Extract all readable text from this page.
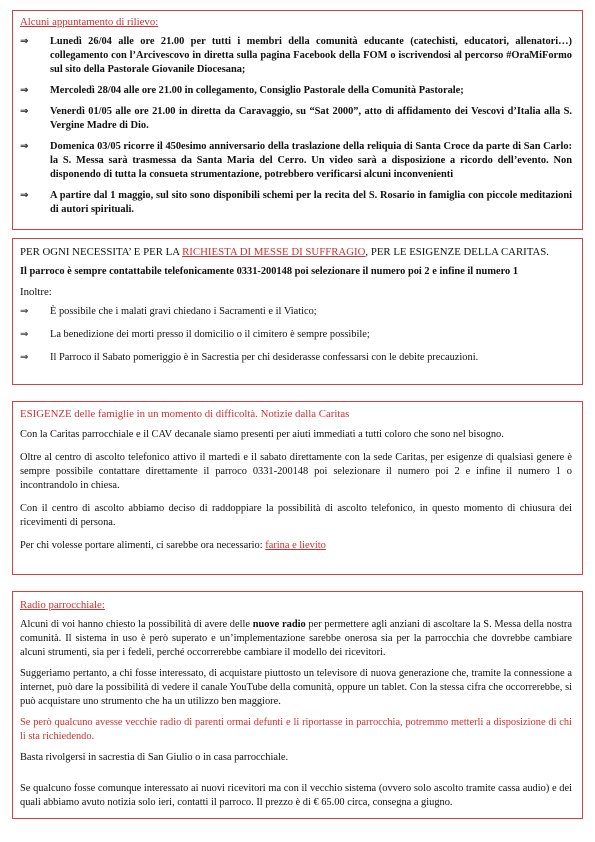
Alcuni appuntamento di rilievo:

⇒	Lunedì 26/04 alle ore 21.00 per tutti i membri della comunità educante (catechisti, educatori, allenatori…) collegamento con l’Arcivescovo in diretta sulla pagina Facebook della FOM o iscrivendosi al percorso #OraMiFormo sul sito della Pastorale Giovanile Diocesana;
⇒	Mercoledì 28/04 alle ore 21.00 in collegamento, Consiglio Pastorale della Comunità Pastorale;
⇒	Venerdì 01/05 alle ore 21.00 in diretta da Caravaggio, su “Sat 2000”, atto di affidamento dei Vescovi d’Italia alla S. Vergine Madre di Dio.
⇒	Domenica 03/05 ricorre il 450esimo anniversario della traslazione della reliquia di Santa Croce da parte di San Carlo: la S. Messa sarà trasmessa da Santa Maria del Cerro. Un video sarà a disposizione a ricordo dell’evento. Non disponendo di tutta la consueta strumentazione, potrebbero verificarsi alcuni inconvenienti
⇒	A partire dal 1 maggio, sul sito sono disponibili schemi per la recita del S. Rosario in famiglia con piccole meditazioni di autori spirituali.

PER OGNI NECESSITA’ E PER LA RICHIESTA DI MESSE DI SUFFRAGIO, PER LE ESIGENZE DELLA CARITAS.

Il parroco è sempre contattabile telefonicamente 0331-200148 poi selezionare il numero poi 2 e infine il numero 1

Inoltre:

⇒	È possibile che i malati gravi chiedano i Sacramenti e il Viatico;
⇒	La benedizione dei morti presso il domicilio o il cimitero è sempre possibile;
⇒	Il Parroco il Sabato pomeriggio è in Sacrestia per chi desiderasse confessarsi con le debite precauzioni.

ESIGENZE delle famiglie in un momento di difficoltà. Notizie dalla Caritas

Con la Caritas parrocchiale e il CAV decanale siamo presenti per aiuti immediati a tutti coloro che sono nel bisogno.

Oltre al centro di ascolto telefonico attivo il martedì e il sabato direttamente con la sede Caritas, per esigenze di qualsiasi genere è sempre possibile contattare direttamente il parroco 0331-200148 poi selezionare il numero poi 2 e infine il numero 1 o incontrandolo in chiesa.

Con il centro di ascolto abbiamo deciso di raddoppiare la possibilità di ascolto telefonico, in questo momento di chiusura dei ricevimenti di persona.

Per chi volesse portare alimenti, ci sarebbe ora necessario: farina e lievito

Radio parrocchiale:

Alcuni di voi hanno chiesto la possibilità di avere delle nuove radio per permettere agli anziani di ascoltare la S. Messa della nostra comunità. Il sistema in uso è però superato e un’implementazione sarebbe onerosa sia per la parrocchia che dovrebbe cambiare alcuni strumenti, sia per i fedeli, perché occorrerebbe cambiare il modello dei ricevitori.

Suggeriamo pertanto, a chi fosse interessato, di acquistare piuttosto un televisore di nuova generazione che, tramite la connessione a internet, può dare la possibilità di vedere il canale YouTube della comunità, oppure un tablet. Con la stessa cifra che occorrerebbe, si può acquistare uno strumento che ha un utilizzo ben maggiore.

Se però qualcuno avesse vecchie radio di parenti ormai defunti e li riportasse in parrocchia, potremmo metterli a disposizione di chi li sta richiedendo.

Basta rivolgersi in sacrestia di San Giulio o in casa parrocchiale.

Se qualcuno fosse comunque interessato ai nuovi ricevitori ma con il vecchio sistema (ovvero solo ascolto tramite cassa audio) e dei quali abbiamo avuto notizia solo ieri, contatti il parroco. Il prezzo è di € 65.00 circa, consegna a giugno.
